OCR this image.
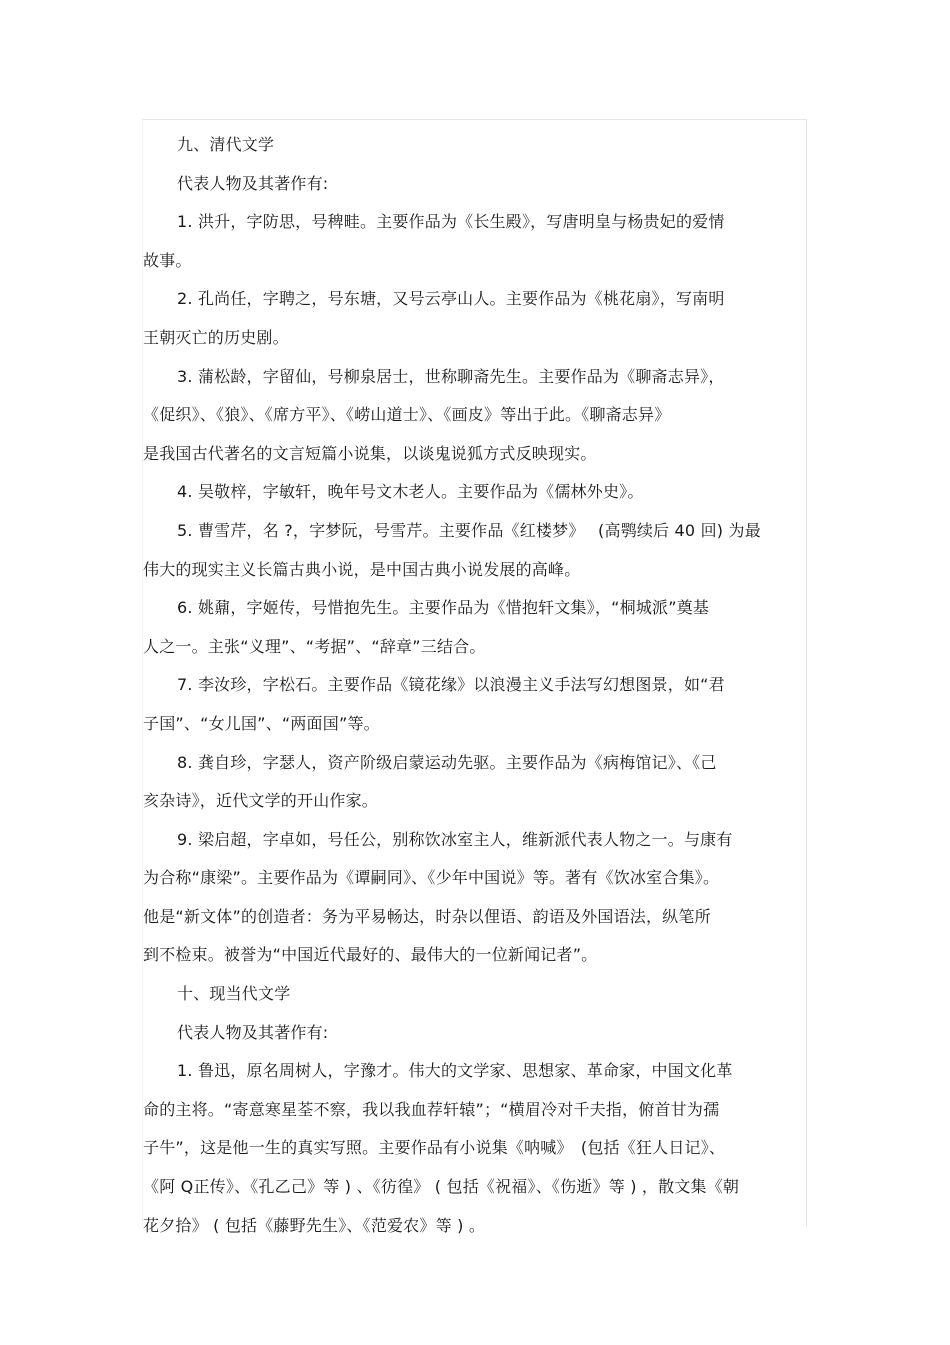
九、清代文学
代表人物及其著作有:
1. 洪升，字防思，号稗畦。主要作品为《长生殿》，写唐明皇与杨贵妃的爱情
故事。
2. 孔尚任，字聘之，号东塘，又号云亭山人。主要作品为《桃花扇》，写南明
王朝灭亡的历史剧。
3. 蒲松龄，字留仙，号柳泉居士，世称聊斋先生。主要作品为《聊斋志异》，
《促织》、《狼》、《席方平》、《崂山道士》、《画皮》等出于此。《聊斋志异》
是我国古代著名的文言短篇小说集，以谈鬼说狐方式反映现实。
4. 吴敬梓，字敏轩，晚年号文木老人。主要作品为《儒林外史》。
5. 曹雪芹，名 ?，字梦阮，号雪芹。主要作品《红楼梦》　 (高鹗续后 40 回) 为最
伟大的现实主义长篇古典小说，是中国古典小说发展的高峰。
6. 姚鼐，字姬传，号惜抱先生。主要作品为《惜抱轩文集》，“桐城派”奠基
人之一。主张“义理”、“考据”、“辞章”三结合。
7. 李汝珍，字松石。主要作品《镜花缘》以浪漫主义手法写幻想图景，如“君
子国”、“女儿国”、“两面国”等。
8. 龚自珍，字瑟人，资产阶级启蒙运动先驱。主要作品为《病梅馆记》、《己
亥杂诗》，近代文学的开山作家。
9. 梁启超，字卓如，号任公，别称饮冰室主人，维新派代表人物之一。与康有
为合称“康梁”。主要作品为《谭嗣同》、《少年中国说》等。著有《饮冰室合集》。
他是“新文体”的创造者：务为平易畅达，时杂以俚语、韵语及外国语法，纵笔所
到不检束。被誉为“中国近代最好的、最伟大的一位新闻记者”。
十、现当代文学
代表人物及其著作有:
1. 鲁迅，原名周树人，字豫才。伟大的文学家、思想家、革命家，中国文化革
命的主将。“寄意寒星荃不察，我以我血荐轩辕”；“横眉冷对千夫指，俯首甘为孺
子牛”，这是他一生的真实写照。主要作品有小说集《呐喊》　(包括《狂人日记》、
《阿 Q正传》、《孔乙己》等 ) 、《彷徨》 ( 包括《祝福》、《伤逝》等 ) ，散文集《朝
花夕拾》 ( 包括《藤野先生》、《范爱农》等 ) 。
